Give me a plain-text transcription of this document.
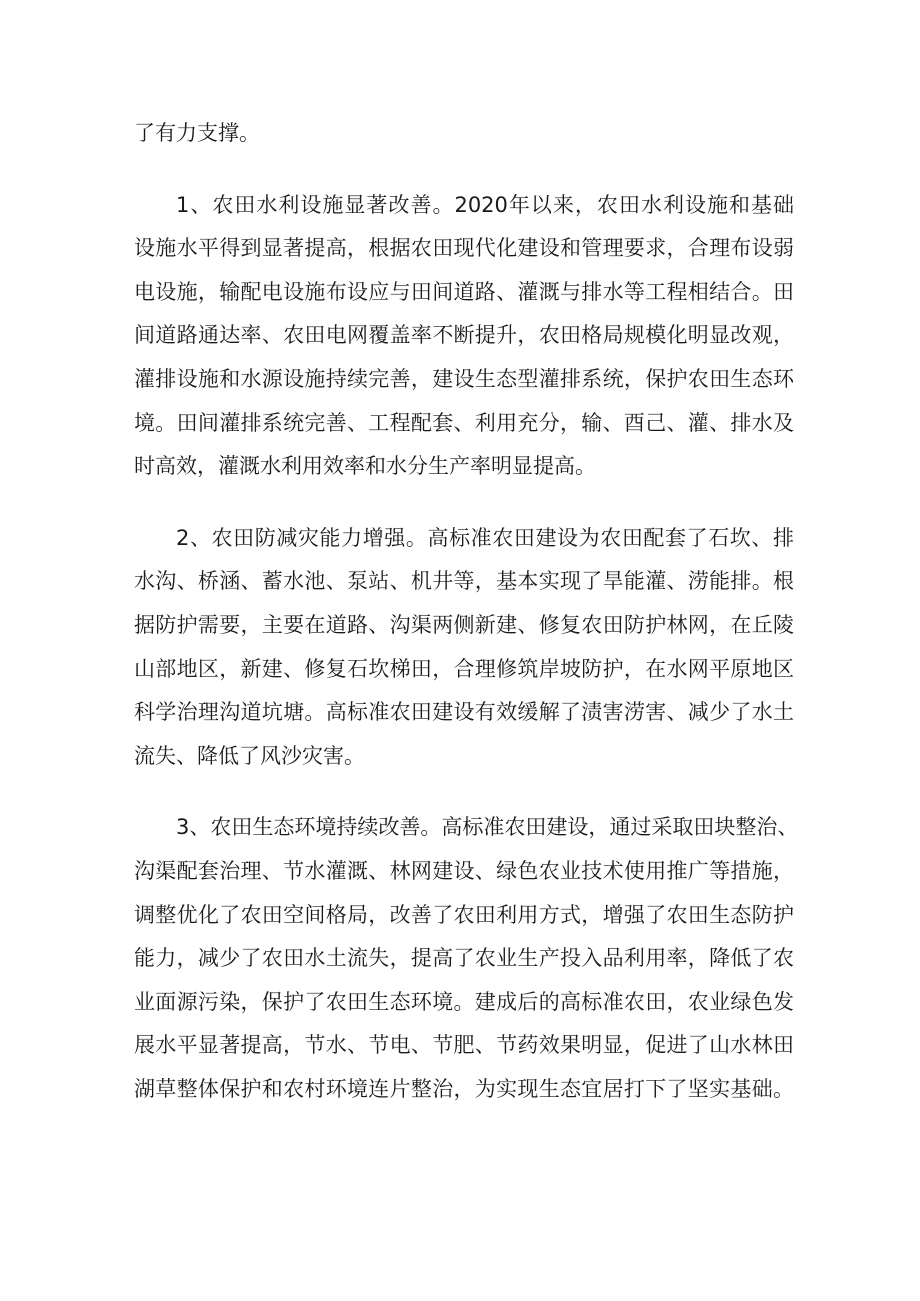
了有力支撑。
1、农田水利设施显著改善。2020年以来，农田水利设施和基础
设施水平得到显著提高，根据农田现代化建设和管理要求，合理布设弱
电设施，输配电设施布设应与田间道路、灌溉与排水等工程相结合。田
间道路通达率、农田电网覆盖率不断提升，农田格局规模化明显改观，
灌排设施和水源设施持续完善，建设生态型灌排系统，保护农田生态环
境。田间灌排系统完善、工程配套、利用充分，输、酉己、灌、排水及
时高效，灌溉水利用效率和水分生产率明显提高。
2、农田防减灾能力增强。高标准农田建设为农田配套了石坎、排
水沟、桥涵、蓄水池、泵站、机井等，基本实现了旱能灌、涝能排。根
据防护需要，主要在道路、沟渠两侧新建、修复农田防护林网，在丘陵
山部地区，新建、修复石坎梯田，合理修筑岸坡防护，在水网平原地区
科学治理沟道坑塘。高标准农田建设有效缓解了渍害涝害、减少了水土
流失、降低了风沙灾害。
3、农田生态环境持续改善。高标准农田建设，通过采取田块整治、
沟渠配套治理、节水灌溉、林网建设、绿色农业技术使用推广等措施，
调整优化了农田空间格局，改善了农田利用方式，增强了农田生态防护
能力，减少了农田水土流失，提高了农业生产投入品利用率，降低了农
业面源污染，保护了农田生态环境。建成后的高标准农田，农业绿色发
展水平显著提高，节水、节电、节肥、节药效果明显，促进了山水林田
湖草整体保护和农村环境连片整治，为实现生态宜居打下了坚实基础。
